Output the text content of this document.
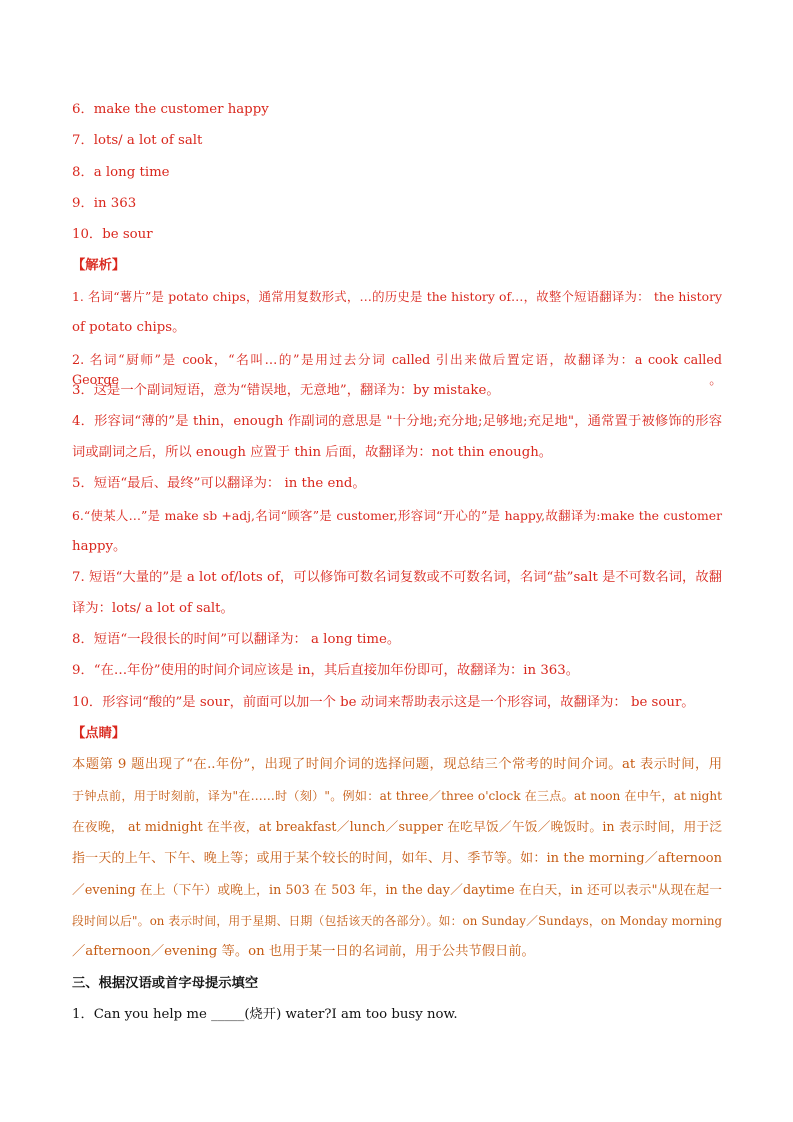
6．make the customer happy
7．lots/ a lot of salt
8．a long time
9．in 363
10．be sour
【解析】
1. 名词“薯片”是 potato chips，通常用复数形式，…的历史是 the history of…，故整个短语翻译为： the history
of potato chips。
2. 名词“厨师”是 cook，“名叫…的”是用过去分词 called 引出来做后置定语，故翻译为：a cook called George。
3．这是一个副词短语，意为“错误地，无意地”，翻译为：by mistake。
4．形容词“薄的”是 thin，enough 作副词的意思是 "十分地;充分地;足够地;充足地"，通常置于被修饰的形容
词或副词之后，所以 enough 应置于 thin 后面，故翻译为：not thin enough。
5．短语“最后、最终”可以翻译为： in the end。
6.“使某人…”是 make sb +adj,名词“顾客”是 customer,形容词“开心的”是 happy,故翻译为:make the customer
happy。
7. 短语“大量的”是 a lot of/lots of，可以修饰可数名词复数或不可数名词，名词“盐”salt 是不可数名词，故翻
译为：lots/ a lot of salt。
8．短语“一段很长的时间”可以翻译为： a long time。
9．“在…年份”使用的时间介词应该是 in，其后直接加年份即可，故翻译为：in 363。
10．形容词“酸的”是 sour，前面可以加一个 be 动词来帮助表示这是一个形容词，故翻译为： be sour。
【点睛】
本题第 9 题出现了“在..年份”，出现了时间介词的选择问题，现总结三个常考的时间介词。at 表示时间，用
于钟点前，用于时刻前，译为"在……时（刻）"。例如：at three／three o'clock 在三点。at noon 在中午，at night
在夜晚， at midnight 在半夜，at breakfast／lunch／supper 在吃早饭／午饭／晚饭时。in 表示时间，用于泛
指一天的上午、下午、晚上等；或用于某个较长的时间，如年、月、季节等。如：in the morning／afternoon
／evening 在上（下午）或晚上，in 503 在 503 年，in the day／daytime 在白天，in 还可以表示"从现在起一
段时间以后"。on 表示时间，用于星期、日期（包括该天的各部分）。如：on Sunday／Sundays，on Monday morning
／afternoon／evening 等。on 也用于某一日的名词前，用于公共节假日前。
三、根据汉语或首字母提示填空
1．Can you help me _____(烧开) water?I am too busy now.
